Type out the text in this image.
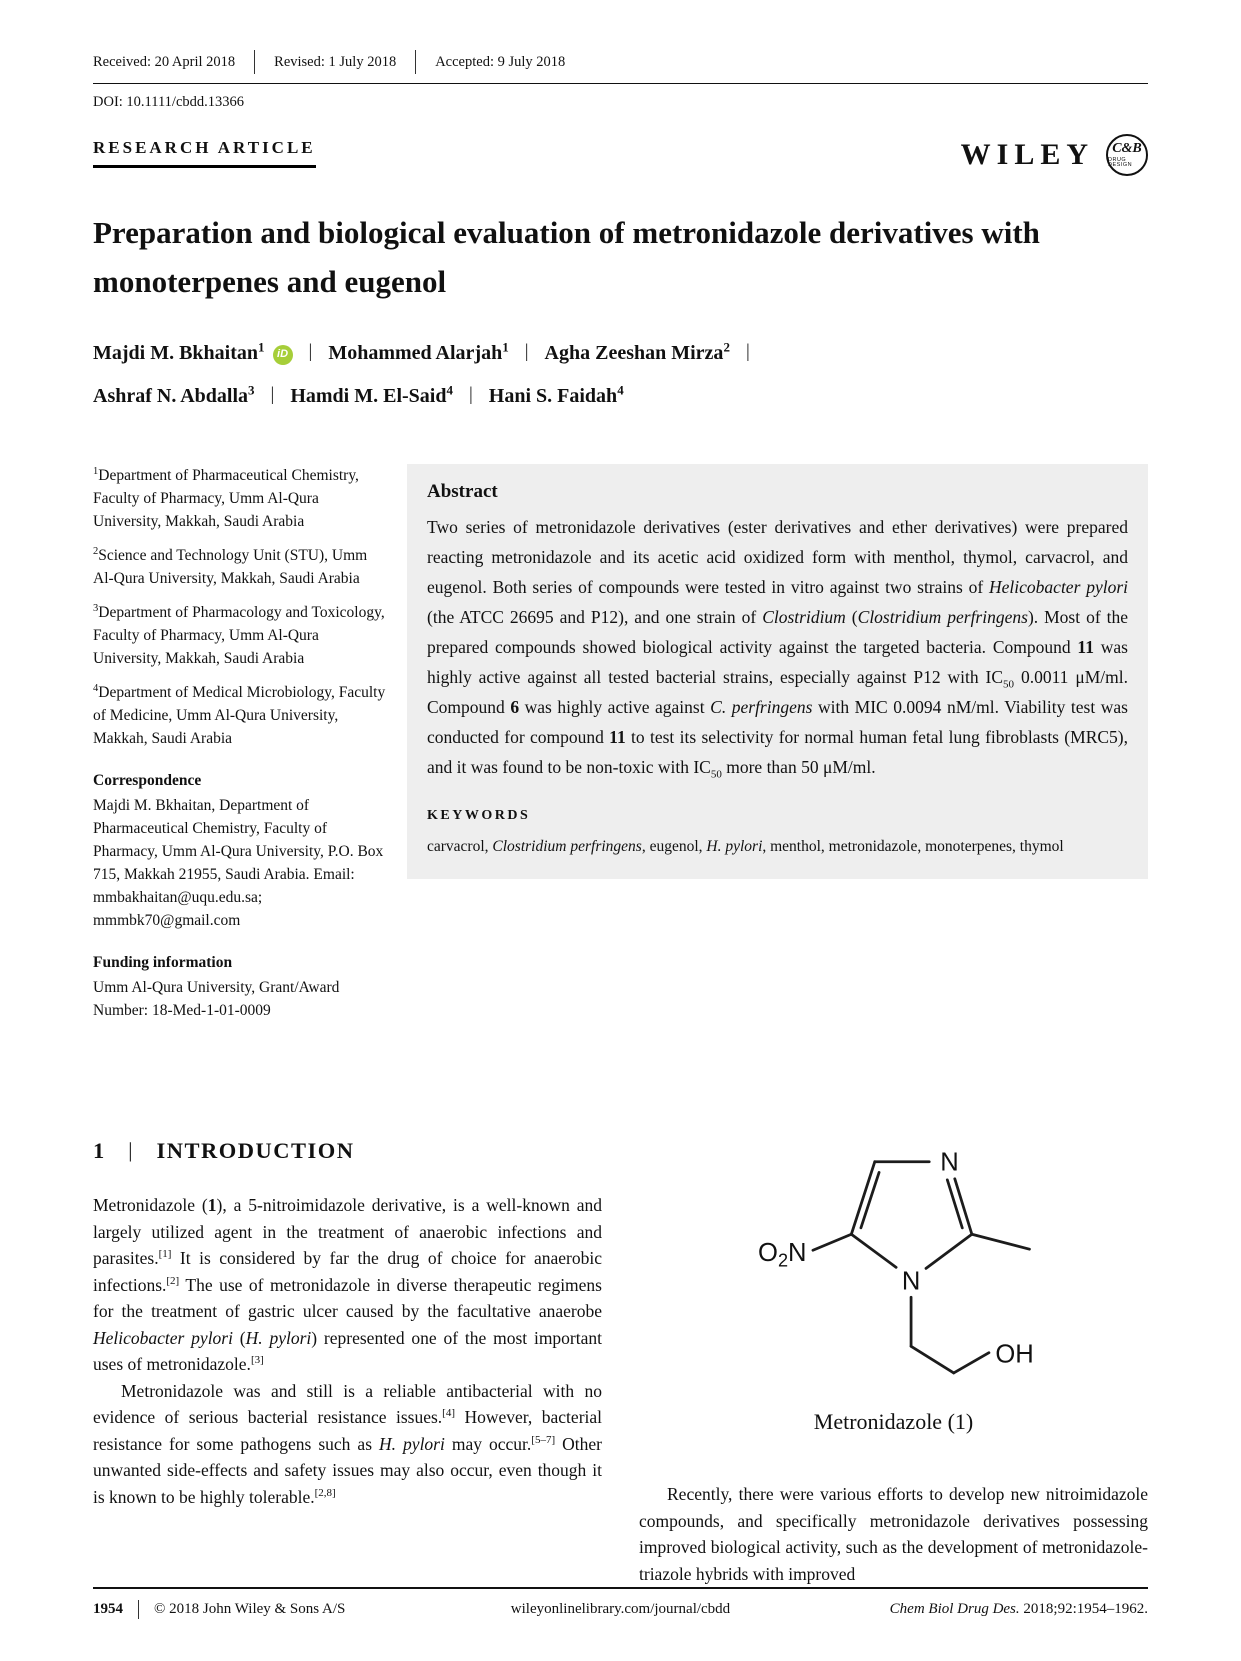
Received: 20 April 2018	Revised: 1 July 2018	Accepted: 9 July 2018
DOI: 10.1111/cbdd.13366
RESEARCH ARTICLE	WILEY C&B
DRUG DESIGN
Preparation and biological evaluation of metronidazole derivatives with monoterpenes and eugenol
Majdi M. Bkhaitan$^1$ iD | Mohammed Alarjah$^1$ | Agha Zeeshan Mirza$^2$ |
Ashraf N. Abdalla$^3$ | Hamdi M. El-Said$^4$ | Hani S. Faidah$^4$
$^1$Department of Pharmaceutical Chemistry, Faculty of Pharmacy, Umm Al-Qura University, Makkah, Saudi Arabia
$^2$Science and Technology Unit (STU), Umm Al-Qura University, Makkah, Saudi Arabia
$^3$Department of Pharmacology and Toxicology, Faculty of Pharmacy, Umm Al-Qura University, Makkah, Saudi Arabia
$^4$Department of Medical Microbiology, Faculty of Medicine, Umm Al-Qura University, Makkah, Saudi Arabia
Correspondence
Majdi M. Bkhaitan, Department of Pharmaceutical Chemistry, Faculty of Pharmacy, Umm Al-Qura University, P.O. Box 715, Makkah 21955, Saudi Arabia. Email: mmbakhaitan@uqu.edu.sa; mmmbk70@gmail.com
Funding information
Umm Al-Qura University, Grant/Award Number: 18-Med-1-01-0009
Abstract
Two series of metronidazole derivatives (ester derivatives and ether derivatives) were prepared reacting metronidazole and its acetic acid oxidized form with menthol, thymol, carvacrol, and eugenol. Both series of compounds were tested in vitro against two strains of Helicobacter pylori (the ATCC 26695 and P12), and one strain of Clostridium (Clostridium perfringens). Most of the prepared compounds showed biological activity against the targeted bacteria. Compound 11 was highly active against all tested bacterial strains, especially against P12 with $IC_{50}$ 0.0011 μM/ml. Compound 6 was highly active against C. perfringens with MIC 0.0094 nM/ml. Viability test was conducted for compound 11 to test its selectivity for normal human fetal lung fibroblasts (MRC5), and it was found to be non-toxic with $IC_{50}$ more than 50 μM/ml.
KEYWORDS
carvacrol, Clostridium perfringens, eugenol, H. pylori, menthol, metronidazole, monoterpenes, thymol
1 | INTRODUCTION

Metronidazole (1), a 5-nitroimidazole derivative, is a well-known and largely utilized agent in the treatment of anaerobic infections and parasites.[1] It is considered by far the drug of choice for anaerobic infections.[2] The use of metronidazole in diverse therapeutic regimens for the treatment of gastric ulcer caused by the facultative anaerobe Helicobacter pylori (H. pylori) represented one of the most important uses of metronidazole.[3]

Metronidazole was and still is a reliable antibacterial with no evidence of serious bacterial resistance issues.[4] However, bacterial resistance for some pathogens such as H. pylori may occur.[5–7] Other unwanted side-effects and safety issues may also occur, even though it is known to be highly tolerable.[2,8]

N
N
$O_2N$
OH
Metronidazole (1)

Recently, there were various efforts to develop new nitroimidazole compounds, and specifically metronidazole derivatives possessing improved biological activity, such as the development of metronidazole-triazole hybrids with improved

1954 © 2018 John Wiley & Sons A/S	wileyonlinelibrary.com/journal/cbdd	Chem Biol Drug Des. 2018;92:1954–1962.
